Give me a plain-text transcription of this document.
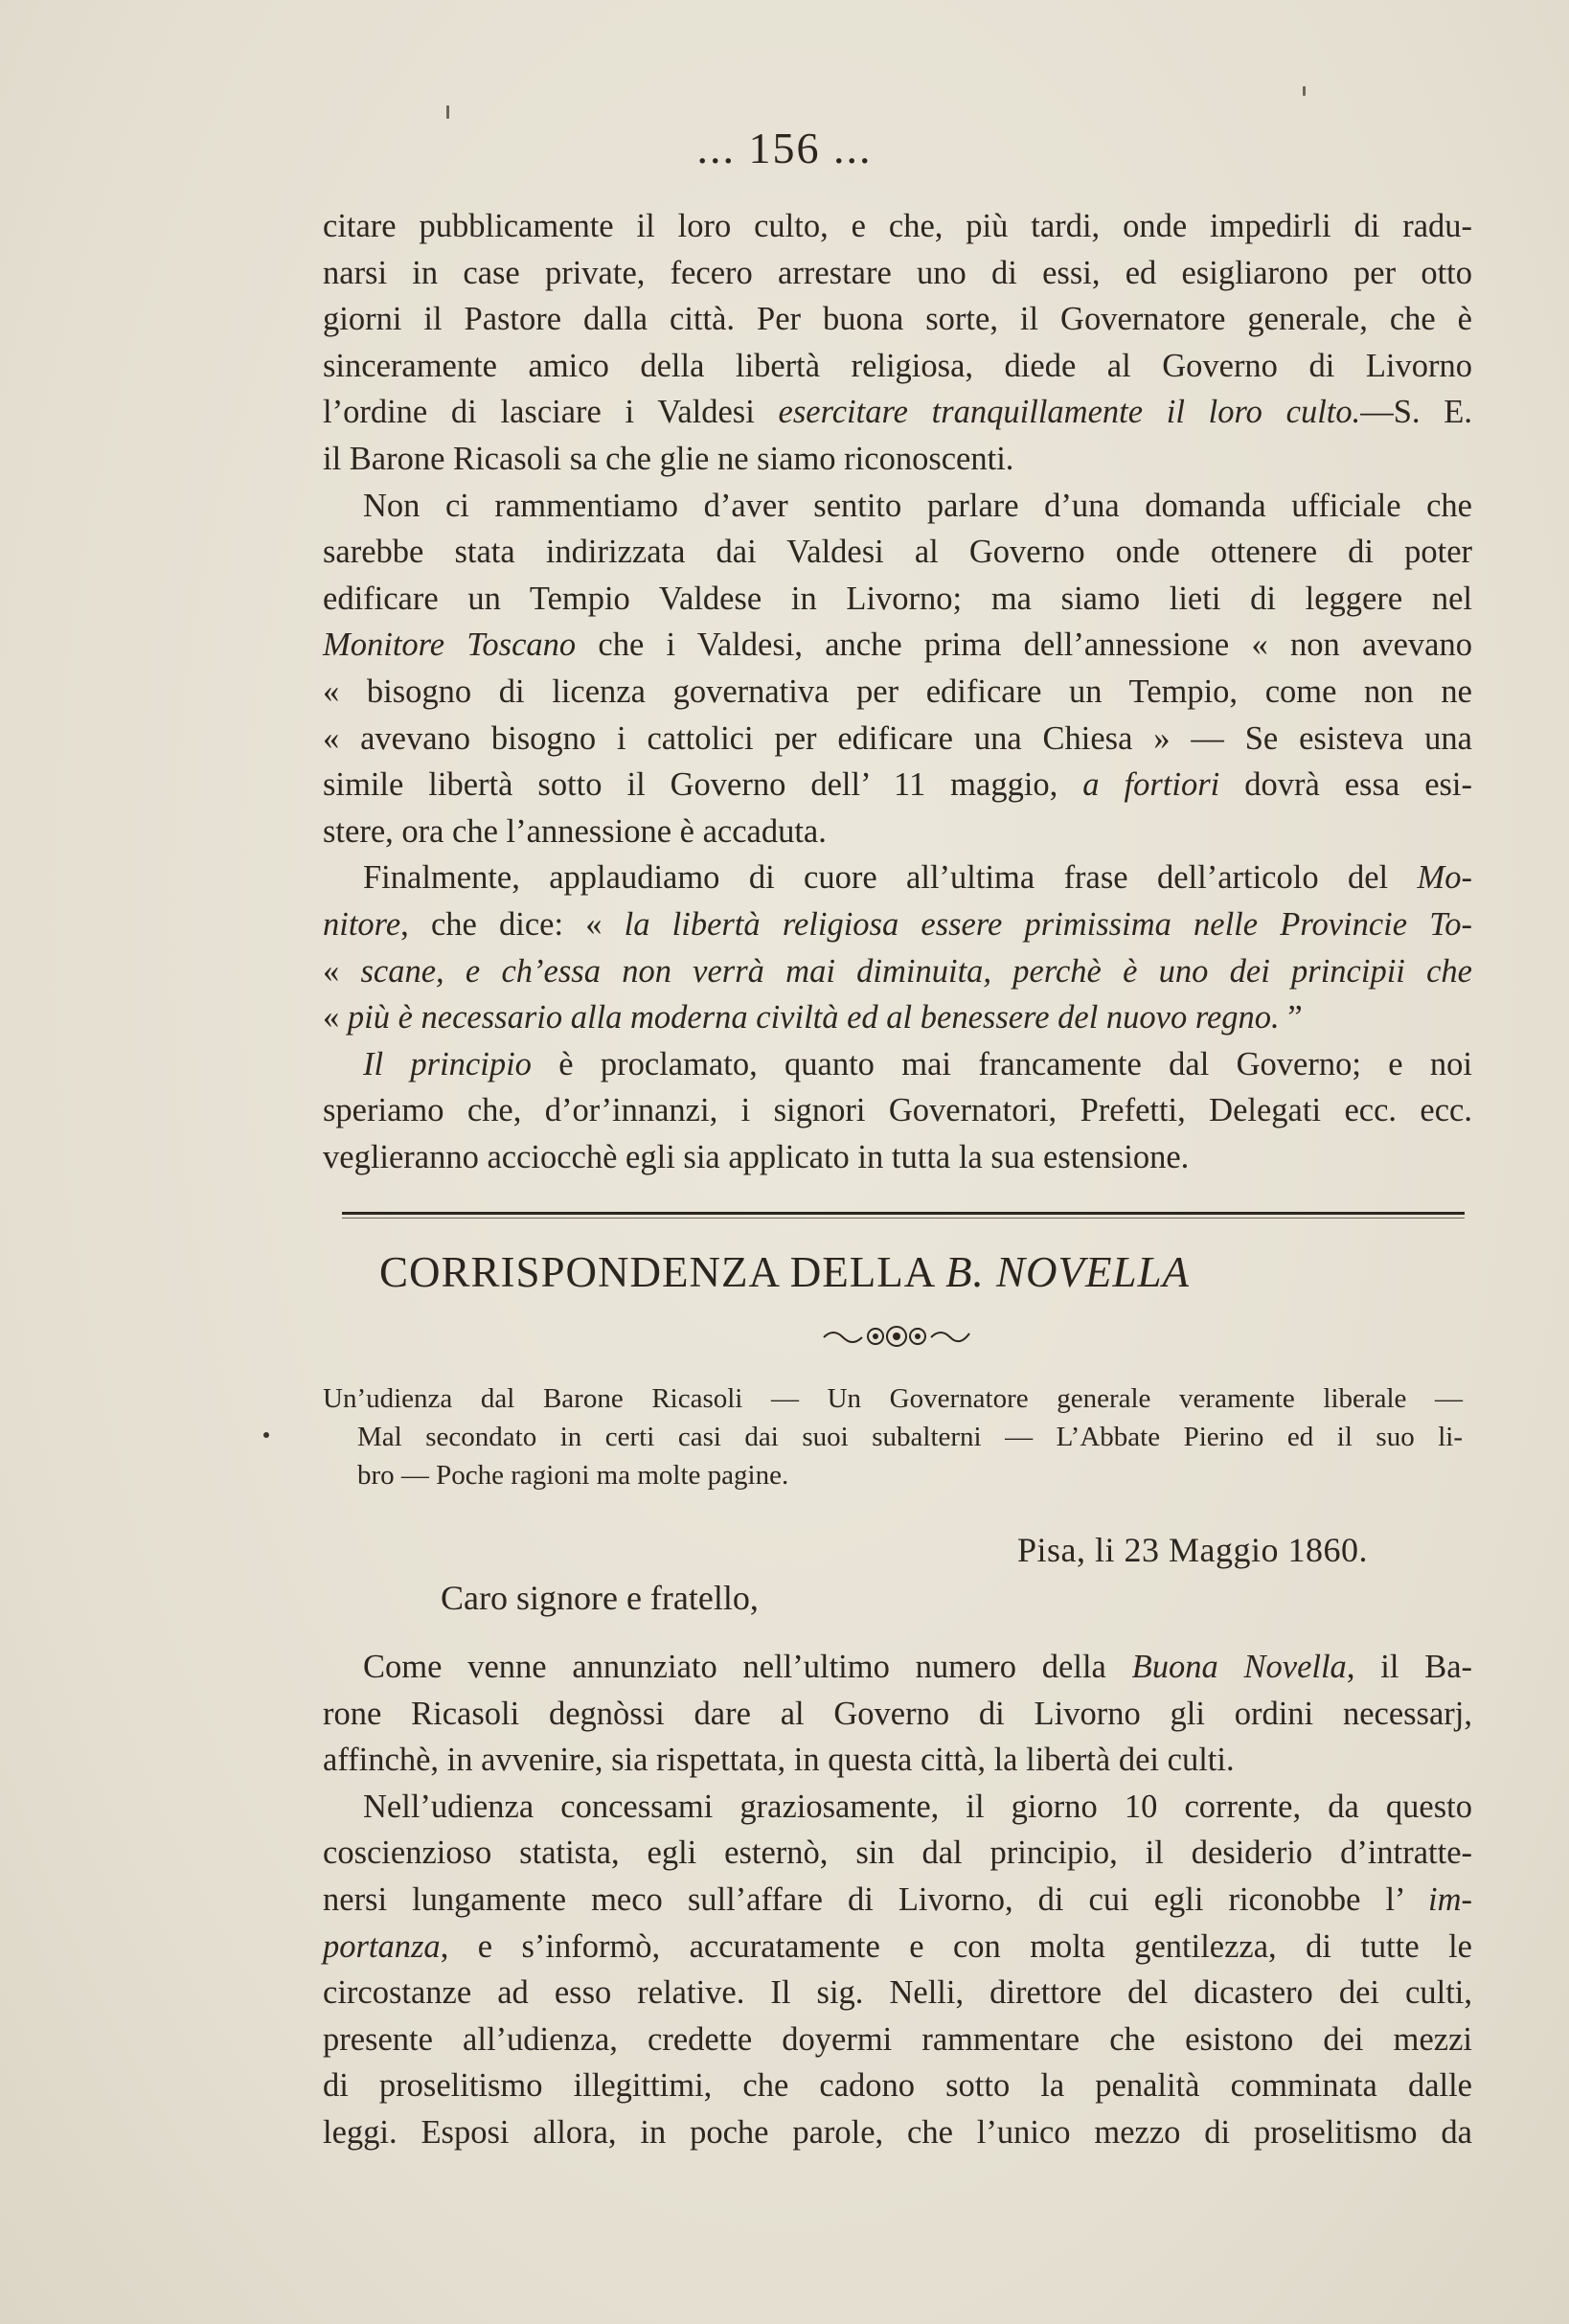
... 156 ...
citare pubblicamente il loro culto, e che, più tardi, onde impedirli di radu-
narsi in case private, fecero arrestare uno di essi, ed esigliarono per otto
giorni il Pastore dalla città. Per buona sorte, il Governatore generale, che è
sinceramente amico della libertà religiosa, diede al Governo di Livorno
l’ordine di lasciare i Valdesi esercitare tranquillamente il loro culto.—S. E.
il Barone Ricasoli sa che glie ne siamo riconoscenti.
Non ci rammentiamo d’aver sentito parlare d’una domanda ufficiale che
sarebbe stata indirizzata dai Valdesi al Governo onde ottenere di poter
edificare un Tempio Valdese in Livorno; ma siamo lieti di leggere nel
Monitore Toscano che i Valdesi, anche prima dell’annessione « non avevano
« bisogno di licenza governativa per edificare un Tempio, come non ne
« avevano bisogno i cattolici per edificare una Chiesa » — Se esisteva una
simile libertà sotto il Governo dell’ 11 maggio, a fortiori dovrà essa esi-
stere, ora che l’annessione è accaduta.
Finalmente, applaudiamo di cuore all’ultima frase dell’articolo del Mo-
nitore, che dice: « la libertà religiosa essere primissima nelle Provincie To-
« scane, e ch’essa non verrà mai diminuita, perchè è uno dei principii che
« più è necessario alla moderna civiltà ed al benessere del nuovo regno. ”
Il principio è proclamato, quanto mai francamente dal Governo; e noi
speriamo che, d’or’innanzi, i signori Governatori, Prefetti, Delegati ecc. ecc.
veglieranno acciocchè egli sia applicato in tutta la sua estensione.
CORRISPONDENZA DELLA B. NOVELLA
Un’udienza dal Barone Ricasoli — Un Governatore generale veramente liberale —
Mal secondato in certi casi dai suoi subalterni — L’Abbate Pierino ed il suo li-
bro — Poche ragioni ma molte pagine.
Pisa, li 23 Maggio 1860.
Caro signore e fratello,
Come venne annunziato nell’ultimo numero della Buona Novella, il Ba-
rone Ricasoli degnòssi dare al Governo di Livorno gli ordini necessarj,
affinchè, in avvenire, sia rispettata, in questa città, la libertà dei culti.
Nell’udienza concessami graziosamente, il giorno 10 corrente, da questo
coscienzioso statista, egli esternò, sin dal principio, il desiderio d’intratte-
nersi lungamente meco sull’affare di Livorno, di cui egli riconobbe l’ im-
portanza, e s’informò, accuratamente e con molta gentilezza, di tutte le
circostanze ad esso relative. Il sig. Nelli, direttore del dicastero dei culti,
presente all’udienza, credette doyermi rammentare che esistono dei mezzi
di proselitismo illegittimi, che cadono sotto la penalità comminata dalle
leggi. Esposi allora, in poche parole, che l’unico mezzo di proselitismo da
